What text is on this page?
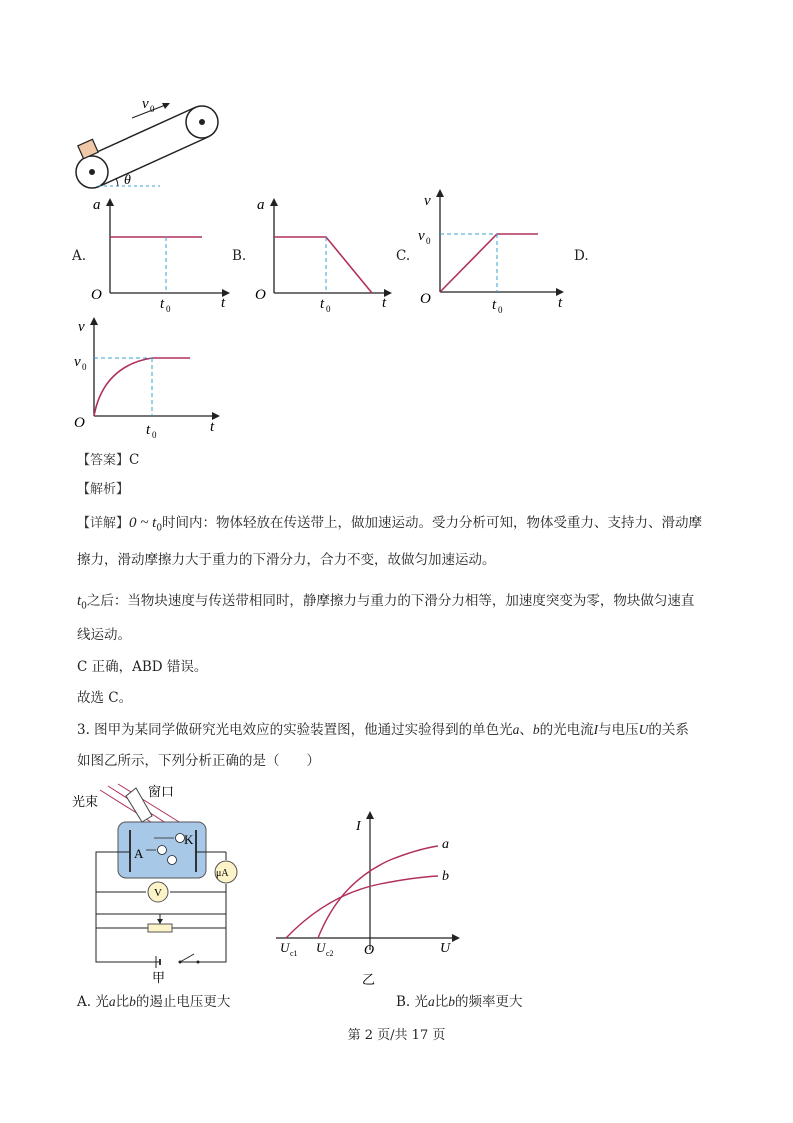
θ
v 0
A.	B.	C.	D.
a
O	t
t 0
a
O	t
t 0
v
v 0
O	t
t 0
v
v 0
O	t
t 0
【答案】C
【解析】
【详解】0 ~ $t_0$时间内：物体轻放在传送带上，做加速运动。受力分析可知，物体受重力、支持力、滑动摩
擦力，滑动摩擦力大于重力的下滑分力，合力不变，故做匀加速运动。
$t_0$之后：当物块速度与传送带相同时，静摩擦力与重力的下滑分力相等，加速度突变为零，物块做匀速直
线运动。
C 正确，ABD 错误。
故选 C。
3. 图甲为某同学做研究光电效应的实验装置图，他通过实验得到的单色光a、b的光电流I与电压U的关系
如图乙所示，下列分析正确的是（　　）
光束
窗口
A
K
μA
V
甲
I
U
O
a
b
U c1 U c2
乙
A. 光a比b的遏止电压更大	B. 光a比b的频率更大
第 2 页/共 17 页
